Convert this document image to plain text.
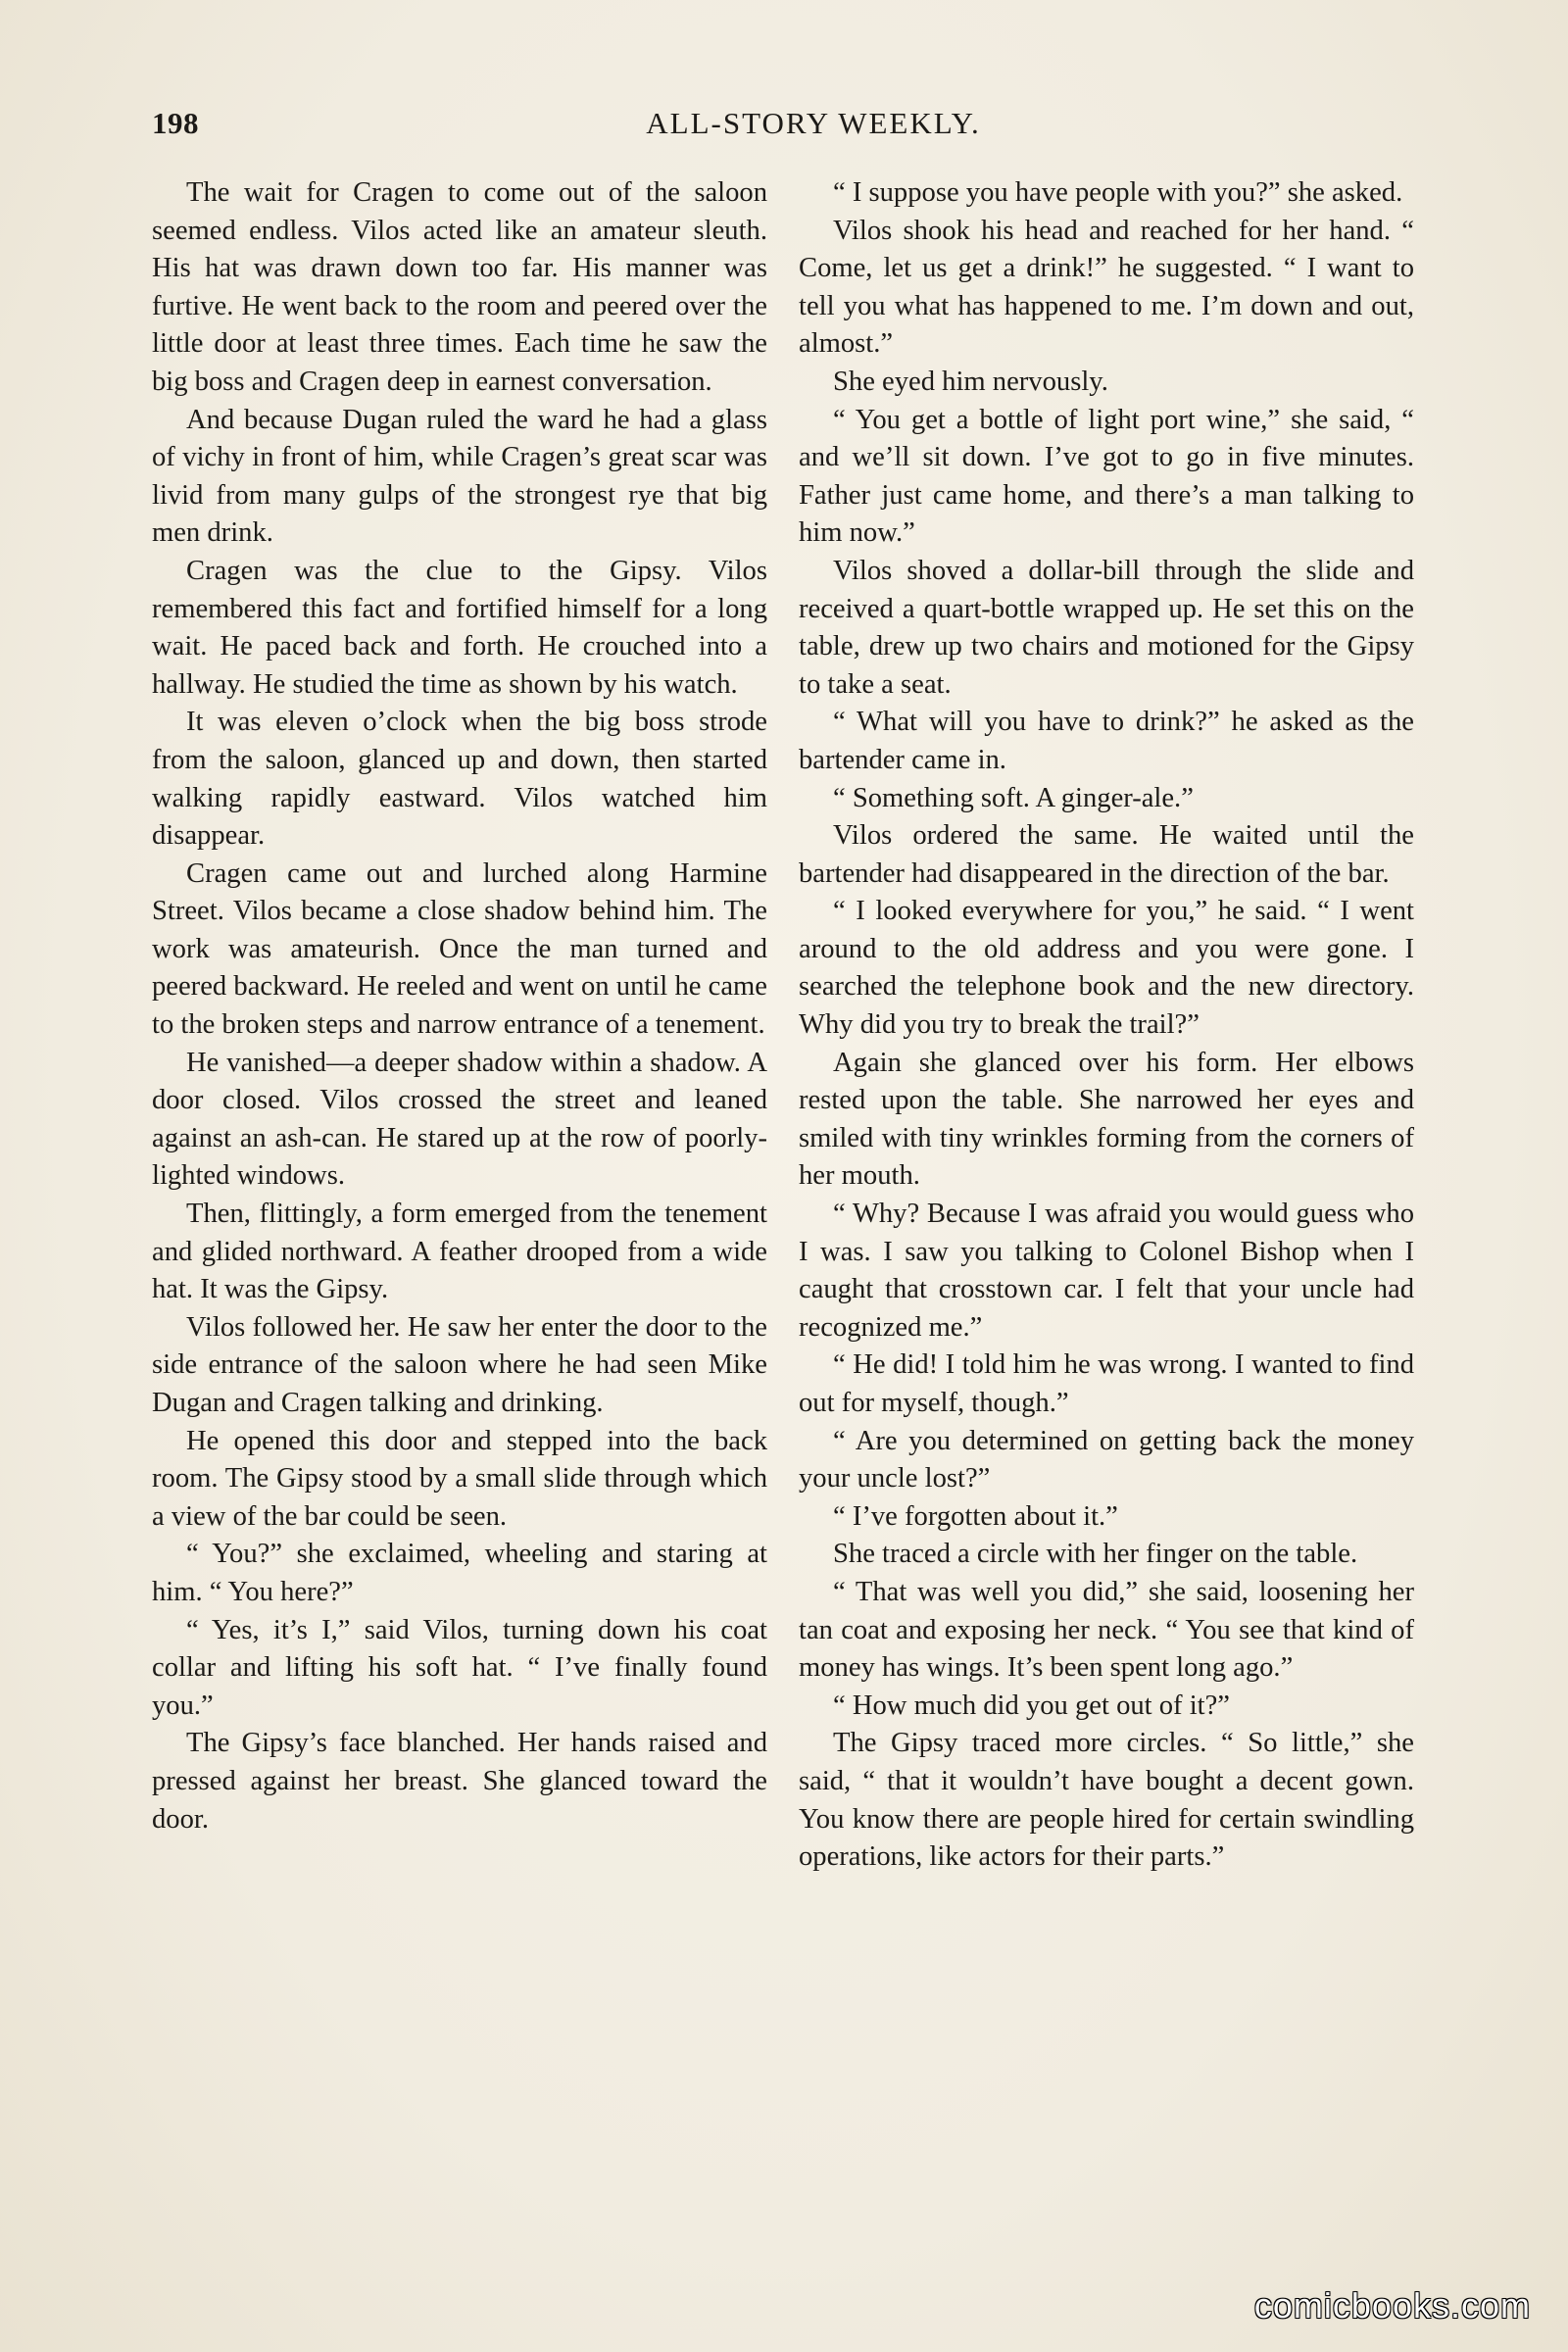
198	ALL-STORY WEEKLY.

The wait for Cragen to come out of the saloon seemed endless. Vilos acted like an amateur sleuth. His hat was drawn down too far. His manner was furtive. He went back to the room and peered over the little door at least three times. Each time he saw the big boss and Cragen deep in earnest conversation.

And because Dugan ruled the ward he had a glass of vichy in front of him, while Cragen’s great scar was livid from many gulps of the strongest rye that big men drink.

Cragen was the clue to the Gipsy. Vilos remembered this fact and fortified himself for a long wait. He paced back and forth. He crouched into a hallway. He studied the time as shown by his watch.

It was eleven o’clock when the big boss strode from the saloon, glanced up and down, then started walking rapidly eastward. Vilos watched him disappear.

Cragen came out and lurched along Harmine Street. Vilos became a close shadow behind him. The work was amateurish. Once the man turned and peered backward. He reeled and went on until he came to the broken steps and narrow entrance of a tenement.

He vanished—a deeper shadow within a shadow. A door closed. Vilos crossed the street and leaned against an ash-can. He stared up at the row of poorly-lighted windows.

Then, flittingly, a form emerged from the tenement and glided northward. A feather drooped from a wide hat. It was the Gipsy.

Vilos followed her. He saw her enter the door to the side entrance of the saloon where he had seen Mike Dugan and Cragen talking and drinking.

He opened this door and stepped into the back room. The Gipsy stood by a small slide through which a view of the bar could be seen.

“ You?” she exclaimed, wheeling and staring at him. “ You here?”

“ Yes, it’s I,” said Vilos, turning down his coat collar and lifting his soft hat. “ I’ve finally found you.”

The Gipsy’s face blanched. Her hands raised and pressed against her breast. She glanced toward the door.

“ I suppose you have people with you?” she asked.

Vilos shook his head and reached for her hand. “ Come, let us get a drink!” he suggested. “ I want to tell you what has happened to me. I’m down and out, almost.”

She eyed him nervously.

“ You get a bottle of light port wine,” she said, “ and we’ll sit down. I’ve got to go in five minutes. Father just came home, and there’s a man talking to him now.”

Vilos shoved a dollar-bill through the slide and received a quart-bottle wrapped up. He set this on the table, drew up two chairs and motioned for the Gipsy to take a seat.

“ What will you have to drink?” he asked as the bartender came in.

“ Something soft. A ginger-ale.”

Vilos ordered the same. He waited until the bartender had disappeared in the direction of the bar.

“ I looked everywhere for you,” he said. “ I went around to the old address and you were gone. I searched the telephone book and the new directory. Why did you try to break the trail?”

Again she glanced over his form. Her elbows rested upon the table. She narrowed her eyes and smiled with tiny wrinkles forming from the corners of her mouth.

“ Why? Because I was afraid you would guess who I was. I saw you talking to Colonel Bishop when I caught that crosstown car. I felt that your uncle had recognized me.”

“ He did! I told him he was wrong. I wanted to find out for myself, though.”

“ Are you determined on getting back the money your uncle lost?”

“ I’ve forgotten about it.”

She traced a circle with her finger on the table.

“ That was well you did,” she said, loosening her tan coat and exposing her neck. “ You see that kind of money has wings. It’s been spent long ago.”

“ How much did you get out of it?”

The Gipsy traced more circles. “ So little,” she said, “ that it wouldn’t have bought a decent gown. You know there are people hired for certain swindling operations, like actors for their parts.”

comicbooks.com
